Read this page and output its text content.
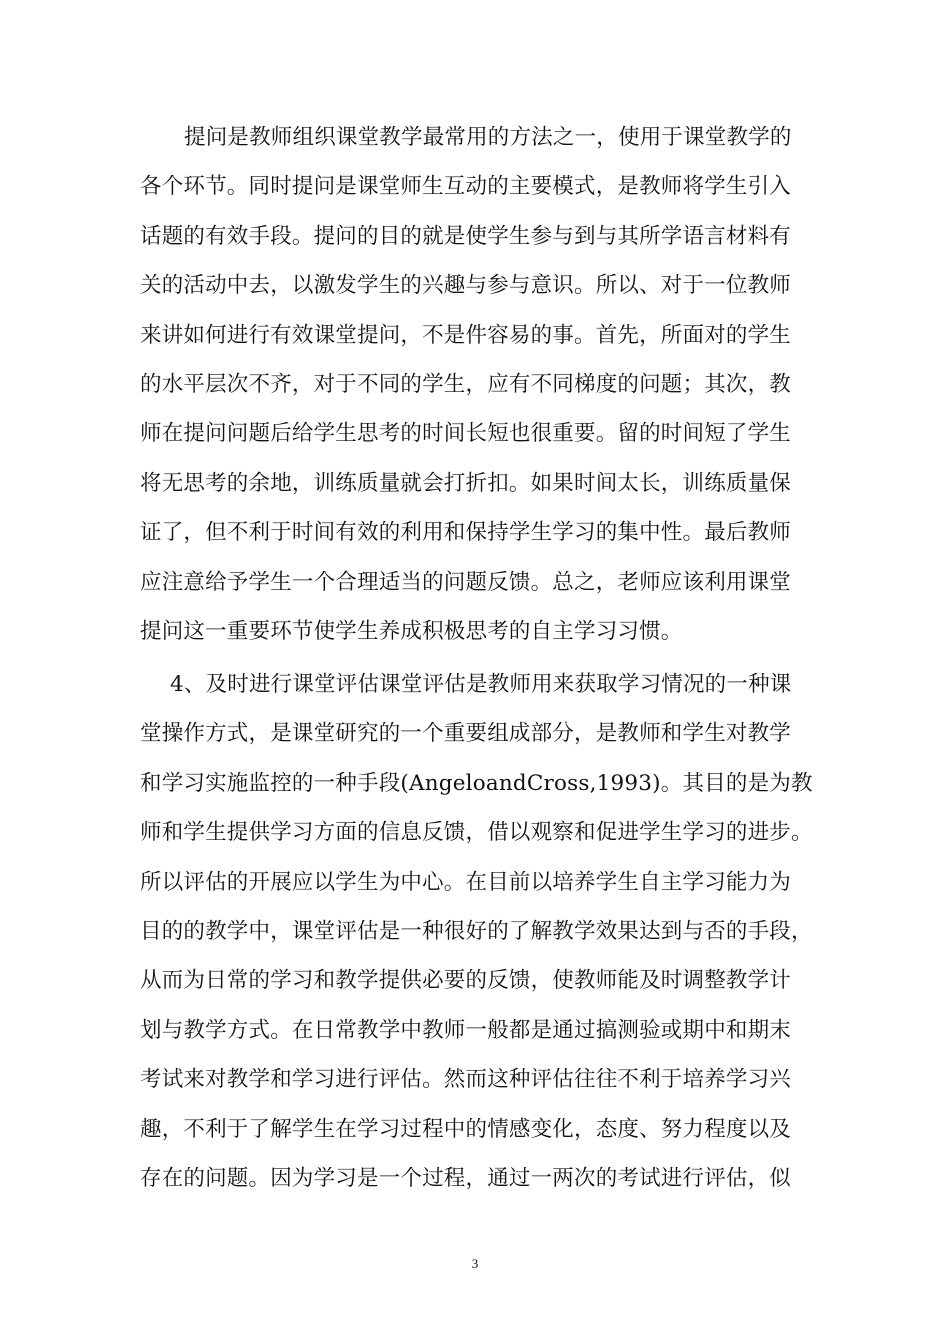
提问是教师组织课堂教学最常用的方法之一，使用于课堂教学的
各个环节。同时提问是课堂师生互动的主要模式，是教师将学生引入
话题的有效手段。提问的目的就是使学生参与到与其所学语言材料有
关的活动中去，以激发学生的兴趣与参与意识。所以、对于一位教师
来讲如何进行有效课堂提问，不是件容易的事。首先，所面对的学生
的水平层次不齐，对于不同的学生，应有不同梯度的问题；其次，教
师在提问问题后给学生思考的时间长短也很重要。留的时间短了学生
将无思考的余地，训练质量就会打折扣。如果时间太长，训练质量保
证了，但不利于时间有效的利用和保持学生学习的集中性。最后教师
应注意给予学生一个合理适当的问题反馈。总之，老师应该利用课堂
提问这一重要环节使学生养成积极思考的自主学习习惯。
4、及时进行课堂评估课堂评估是教师用来获取学习情况的一种课
堂操作方式，是课堂研究的一个重要组成部分，是教师和学生对教学
和学习实施监控的一种手段(AngeloandCross,1993)。其目的是为教
师和学生提供学习方面的信息反馈，借以观察和促进学生学习的进步。
所以评估的开展应以学生为中心。在目前以培养学生自主学习能力为
目的的教学中，课堂评估是一种很好的了解教学效果达到与否的手段，
从而为日常的学习和教学提供必要的反馈，使教师能及时调整教学计
划与教学方式。在日常教学中教师一般都是通过搞测验或期中和期末
考试来对教学和学习进行评估。然而这种评估往往不利于培养学习兴
趣，不利于了解学生在学习过程中的情感变化，态度、努力程度以及
存在的问题。因为学习是一个过程，通过一两次的考试进行评估，似
3
